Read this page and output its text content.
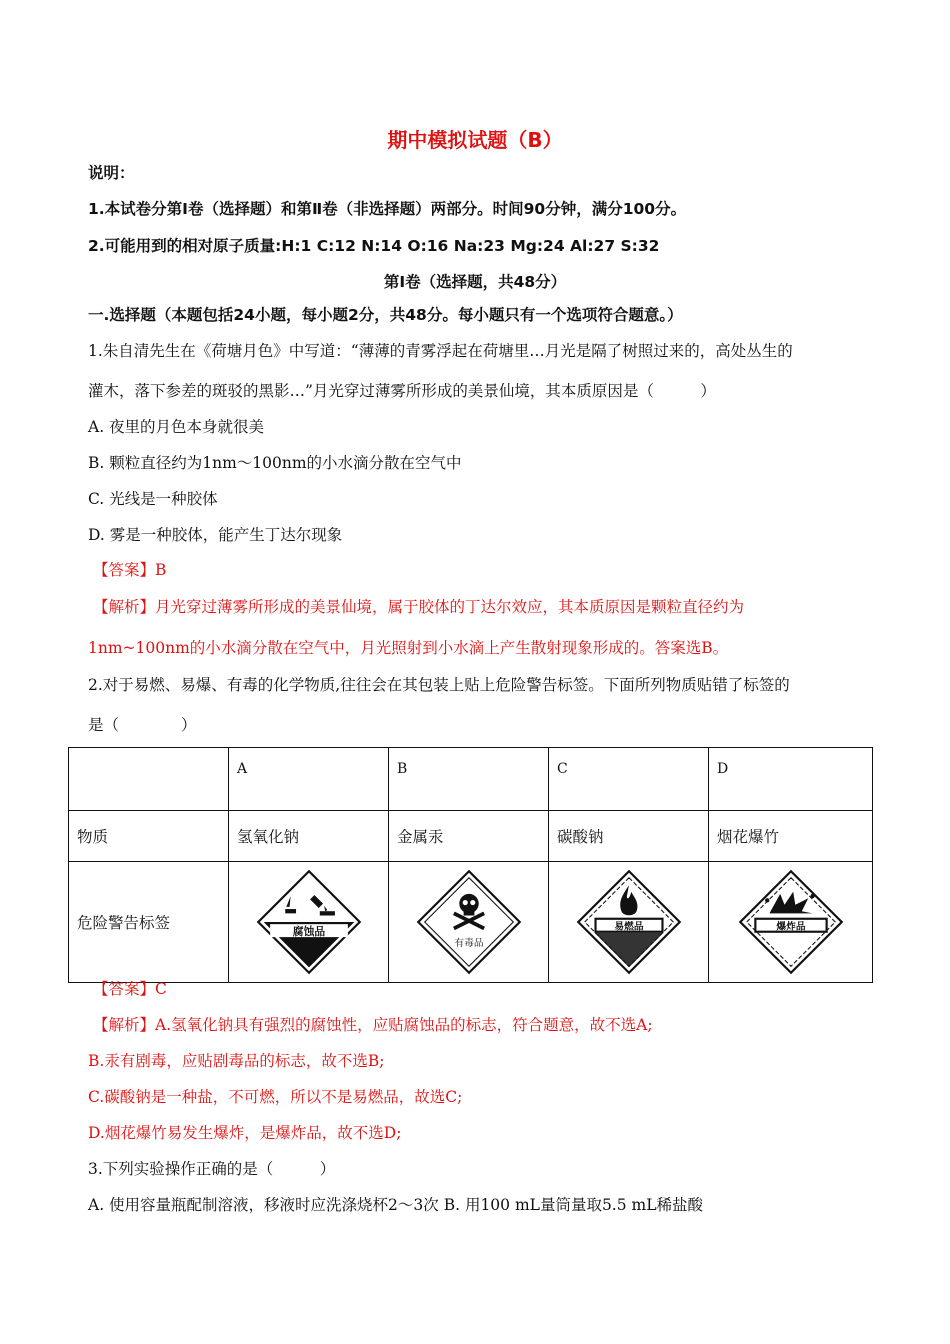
期中模拟试题（B）
说明：
1.本试卷分第Ⅰ卷（选择题）和第Ⅱ卷（非选择题）两部分。时间90分钟，满分100分。
2.可能用到的相对原子质量:H:1 C:12 N:14 O:16 Na:23 Mg:24 Al:27 S:32
第Ⅰ卷（选择题，共48分）
一.选择题（本题包括24小题，每小题2分，共48分。每小题只有一个选项符合题意。）
1.朱自清先生在《荷塘月色》中写道：“薄薄的青雾浮起在荷塘里…月光是隔了树照过来的，高处丛生的
灌木，落下参差的斑驳的黑影…”月光穿过薄雾所形成的美景仙境，其本质原因是（　　　）
A. 夜里的月色本身就很美
B. 颗粒直径约为1nm～100nm的小水滴分散在空气中
C. 光线是一种胶体
D. 雾是一种胶体，能产生丁达尔现象
【答案】B
【解析】月光穿过薄雾所形成的美景仙境，属于胶体的丁达尔效应，其本质原因是颗粒直径约为
1nm~100nm的小水滴分散在空气中，月光照射到小水滴上产生散射现象形成的。答案选B。
2.对于易燃、易爆、有毒的化学物质,往往会在其包装上贴上危险警告标签。下面所列物质贴错了标签的
是（　　　　）
	A	B	C	D
物质	氢氧化钠	金属汞	碳酸钠	烟花爆竹
危险警告标签	腐蚀品	有毒品	易燃品	爆炸品
【答案】C
【解析】A.氢氧化钠具有强烈的腐蚀性，应贴腐蚀品的标志，符合题意，故不选A;
B.汞有剧毒，应贴剧毒品的标志，故不选B;
C.碳酸钠是一种盐，不可燃，所以不是易燃品，故选C;
D.烟花爆竹易发生爆炸，是爆炸品，故不选D;
3.下列实验操作正确的是（　　　）
A. 使用容量瓶配制溶液，移液时应洗涤烧杯2～3次 B. 用100 mL量筒量取5.5 mL稀盐酸
